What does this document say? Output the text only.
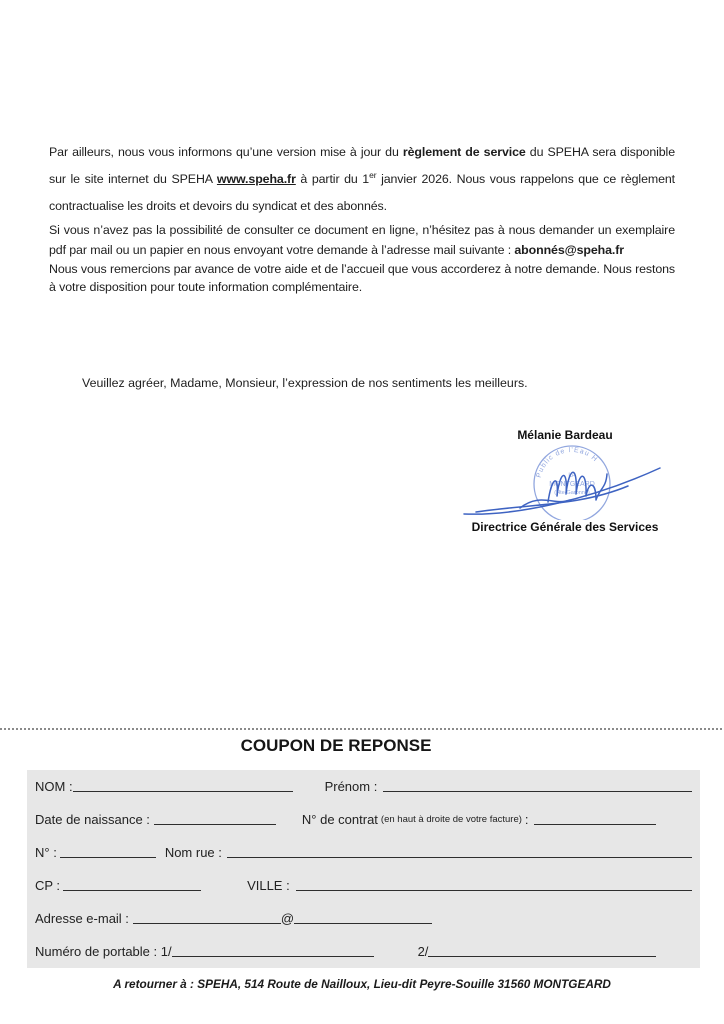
Par ailleurs, nous vous informons qu’une version mise à jour du règlement de service du SPEHA sera disponible sur le site internet du SPEHA www.speha.fr à partir du 1er janvier 2026. Nous vous rappelons que ce règlement contractualise les droits et devoirs du syndicat et des abonnés.

Si vous n’avez pas la possibilité de consulter ce document en ligne, n’hésitez pas à nous demander un exemplaire pdf par mail ou un papier en nous envoyant votre demande à l’adresse mail suivante : abonnés@speha.fr

Nous vous remercions par avance de votre aide et de l’accueil que vous accorderez à notre demande. Nous restons à votre disposition pour toute information complémentaire.

Veuillez agréer, Madame, Monsieur, l’expression de nos sentiments les meilleurs.

Mélanie Bardeau
Public de l’Eau H
LA
MONTGEARD
(Hte-Garonne)
Directrice Générale des Services
COUPON DE REPONSE
NOM :	Prénom :
Date de naissance :	N° de contrat (en haut à droite de votre facture) :
N° :	Nom rue :
CP :	VILLE :
Adresse e-mail :	@
Numéro de portable : 1/	2/
A retourner à : SPEHA, 514 Route de Nailloux, Lieu-dit Peyre-Souille 31560 MONTGEARD
